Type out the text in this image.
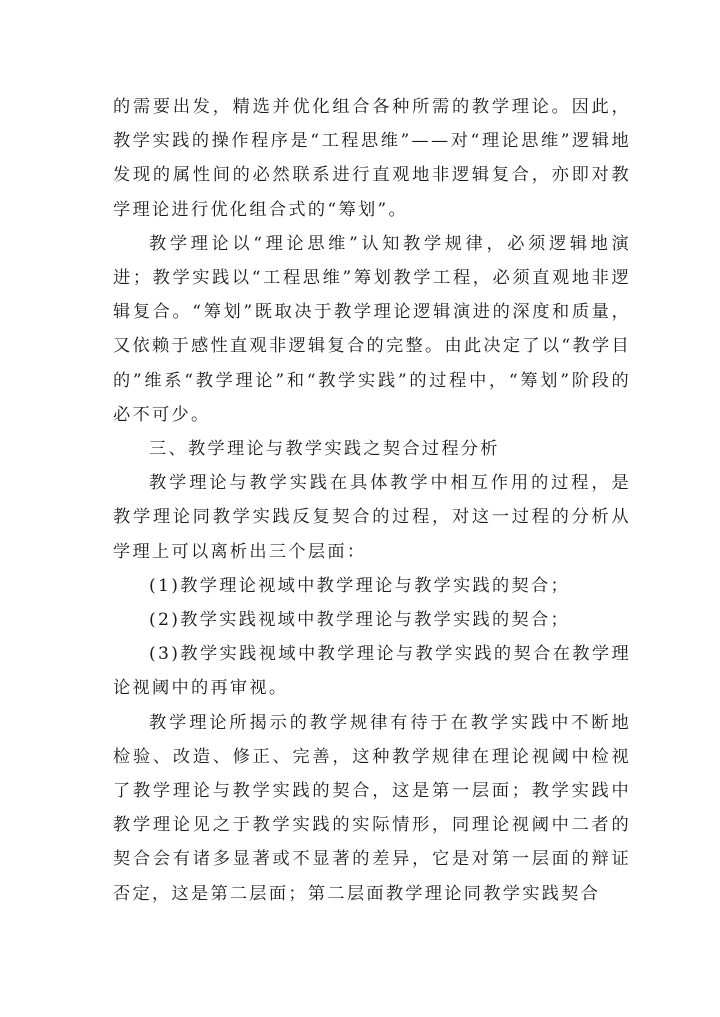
的需要出发，精选并优化组合各种所需的教学理论。因此，教学实践的操作程序是“工程思维”——对“理论思维”逻辑地发现的属性间的必然联系进行直观地非逻辑复合，亦即对教学理论进行优化组合式的“筹划”。

教学理论以“理论思维”认知教学规律，必须逻辑地演进；教学实践以“工程思维”筹划教学工程，必须直观地非逻辑复合。“筹划”既取决于教学理论逻辑演进的深度和质量，又依赖于感性直观非逻辑复合的完整。由此决定了以“教学目的”维系“教学理论”和“教学实践”的过程中，“筹划”阶段的必不可少。

三、教学理论与教学实践之契合过程分析

教学理论与教学实践在具体教学中相互作用的过程，是教学理论同教学实践反复契合的过程，对这一过程的分析从学理上可以离析出三个层面：

(1)教学理论视域中教学理论与教学实践的契合；

(2)教学实践视域中教学理论与教学实践的契合；

(3)教学实践视域中教学理论与教学实践的契合在教学理论视阈中的再审视。

教学理论所揭示的教学规律有待于在教学实践中不断地检验、改造、修正、完善，这种教学规律在理论视阈中检视了教学理论与教学实践的契合，这是第一层面；教学实践中教学理论见之于教学实践的实际情形，同理论视阈中二者的契合会有诸多显著或不显著的差异，它是对第一层面的辩证否定，这是第二层面；第二层面教学理论同教学实践契合
